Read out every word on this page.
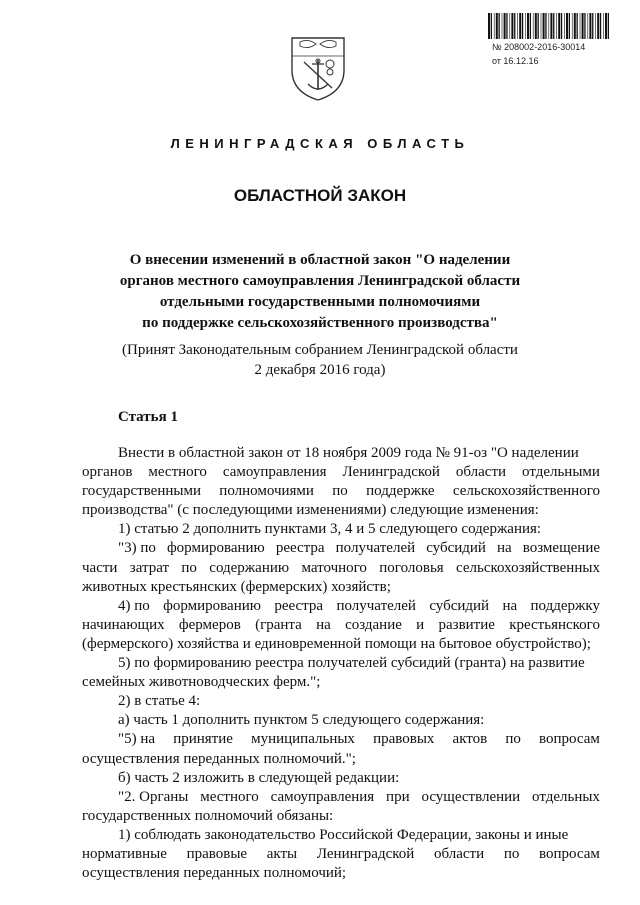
№ 208002-2016-30014
от 16.12.16
ЛЕНИНГРАДСКАЯ ОБЛАСТЬ
ОБЛАСТНОЙ ЗАКОН
О внесении изменений в областной закон "О наделении
органов местного самоуправления Ленинградской области
отдельными государственными полномочиями
по поддержке сельскохозяйственного производства"
(Принят Законодательным собранием Ленинградской области
2 декабря 2016 года)
Статья 1
Внести в областной закон от 18 ноября 2009 года № 91-оз "О наделении
органов местного самоуправления Ленинградской области отдельными
государственными полномочиями по поддержке сельскохозяйственного
производства" (с последующими изменениями) следующие изменения:
1) статью 2 дополнить пунктами 3, 4 и 5 следующего содержания:
"3) по формированию реестра получателей субсидий на возмещение
части затрат по содержанию маточного поголовья сельскохозяйственных
животных крестьянских (фермерских) хозяйств;
4) по формированию реестра получателей субсидий на поддержку
начинающих фермеров (гранта на создание и развитие крестьянского
(фермерского) хозяйства и единовременной помощи на бытовое обустройство);
5) по формированию реестра получателей субсидий (гранта) на развитие
семейных животноводческих ферм.";
2) в статье 4:
а) часть 1 дополнить пунктом 5 следующего содержания:
"5) на принятие муниципальных правовых актов по вопросам
осуществления переданных полномочий.";
б) часть 2 изложить в следующей редакции:
"2. Органы местного самоуправления при осуществлении отдельных
государственных полномочий обязаны:
1) соблюдать законодательство Российской Федерации, законы и иные
нормативные правовые акты Ленинградской области по вопросам
осуществления переданных полномочий;
